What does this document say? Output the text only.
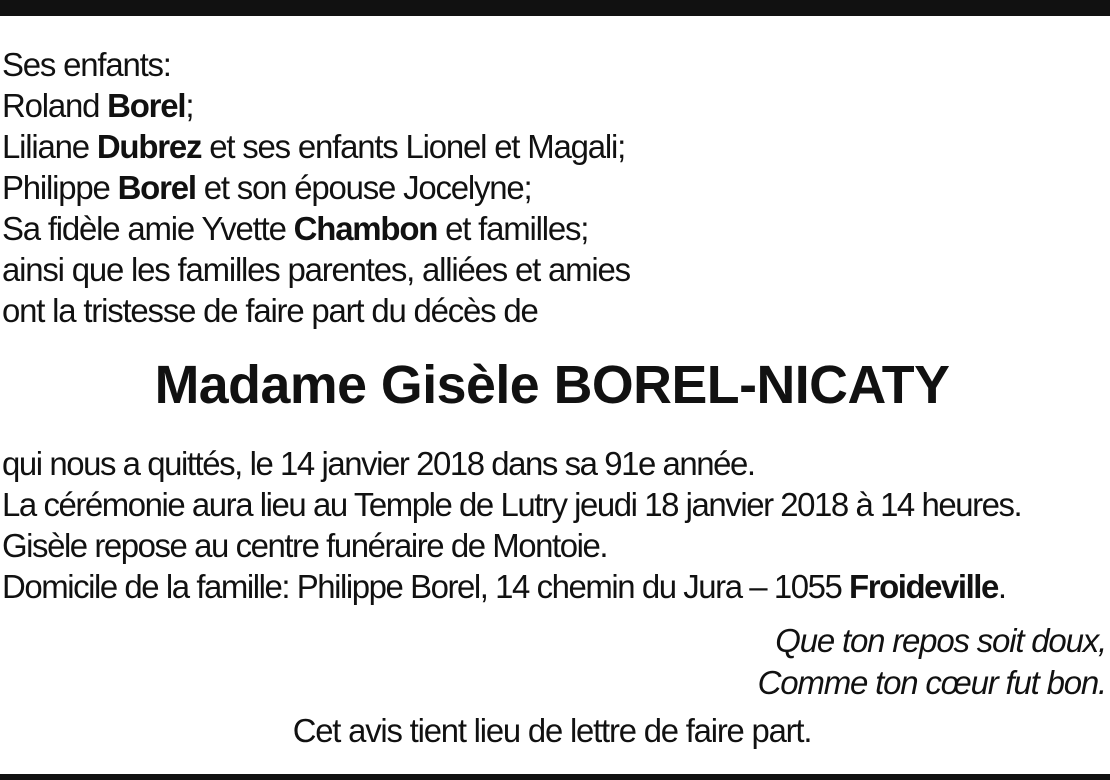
Ses enfants:
Roland Borel;
Liliane Dubrez et ses enfants Lionel et Magali;
Philippe Borel et son épouse Jocelyne;
Sa fidèle amie Yvette Chambon et familles;
ainsi que les familles parentes, alliées et amies
ont la tristesse de faire part du décès de
Madame Gisèle BOREL-NICATY
qui nous a quittés, le 14 janvier 2018 dans sa 91e année.
La cérémonie aura lieu au Temple de Lutry jeudi 18 janvier 2018 à 14 heures.
Gisèle repose au centre funéraire de Montoie.
Domicile de la famille: Philippe Borel, 14 chemin du Jura – 1055 Froideville.
Que ton repos soit doux,
Comme ton cœur fut bon.
Cet avis tient lieu de lettre de faire part.
